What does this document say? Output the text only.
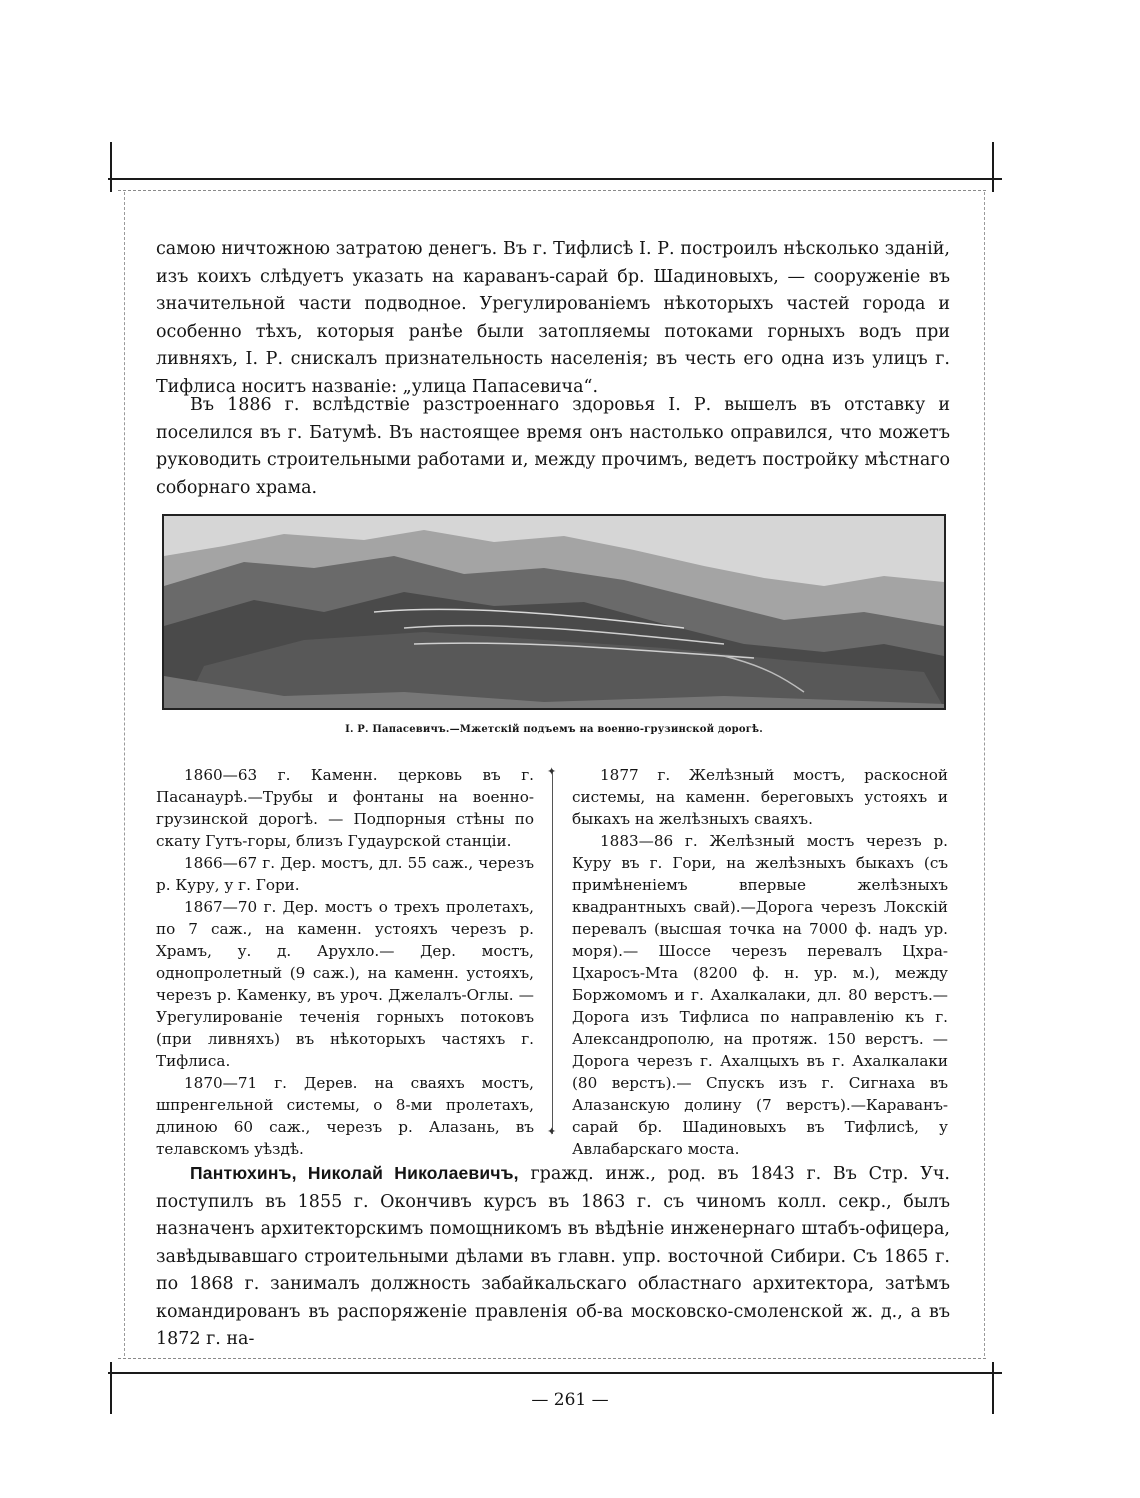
самою ничтожною затратою денегъ. Въ г. Тифлисѣ І. Р. построилъ нѣсколько зданій, изъ коихъ слѣдуетъ указать на караванъ-сарай бр. Шадиновыхъ, — сооруженіе въ значительной части подводное. Урегулированіемъ нѣкоторыхъ частей города и особенно тѣхъ, которыя ранѣе были затопляемы потоками горныхъ водъ при ливняхъ, І. Р. снискалъ признательность населенія; въ честь его одна изъ улицъ г. Тифлиса носитъ названіе: „улица Папасевича“.

Въ 1886 г. вслѣдствіе разстроеннаго здоровья І. Р. вышелъ въ отставку и поселился въ г. Батумѣ. Въ настоящее время онъ настолько оправился, что можетъ руководить строительными работами и, между прочимъ, ведетъ постройку мѣстнаго соборнаго храма.

І. Р. Папасевичъ.—Мжетскій подъемъ на военно-грузинской дорогѣ.

1860—63 г. Каменн. церковь въ г. Пасанаурѣ.—Трубы и фонтаны на военно-грузинской дорогѣ. — Подпорныя стѣны по скату Гутъ-горы, близъ Гудаурской станціи.

1866—67 г. Дер. мостъ, дл. 55 саж., черезъ р. Куру, у г. Гори.

1867—70 г. Дер. мостъ о трехъ пролетахъ, по 7 саж., на каменн. устояхъ черезъ р. Храмъ, у. д. Арухло.— Дер. мостъ, однопролетный (9 саж.), на каменн. устояхъ, черезъ р. Каменку, въ уроч. Джелалъ-Оглы. — Урегулированіе теченія горныхъ потоковъ (при ливняхъ) въ нѣкоторыхъ частяхъ г. Тифлиса.

1870—71 г. Дерев. на сваяхъ мостъ, шпренгельной системы, о 8-ми пролетахъ, длиною 60 саж., черезъ р. Алазань, въ телавскомъ уѣздѣ.

✦
✦

1877 г. Желѣзный мостъ, раскосной системы, на каменн. береговыхъ устояхъ и быкахъ на желѣзныхъ сваяхъ.

1883—86 г. Желѣзный мостъ черезъ р. Куру въ г. Гори, на желѣзныхъ быкахъ (съ примѣненіемъ впервые желѣзныхъ квадрантныхъ свай).—Дорога черезъ Локскій перевалъ (высшая точка на 7000 ф. надъ ур. моря).— Шоссе черезъ перевалъ Цхра-Цхаросъ-Мта (8200 ф. н. ур. м.), между Боржомомъ и г. Ахалкалаки, дл. 80 верстъ.—Дорога изъ Тифлиса по направленію къ г. Александрополю, на протяж. 150 верстъ. — Дорога черезъ г. Ахалцыхъ въ г. Ахалкалаки (80 верстъ).— Спускъ изъ г. Сигнаха въ Алазанскую долину (7 верстъ).—Караванъ-сарай бр. Шадиновыхъ въ Тифлисѣ, у Авлабарскаго моста.

Пантюхинъ, Николай Николаевичъ, гражд. инж., род. въ 1843 г. Въ Стр. Уч. поступилъ въ 1855 г. Окончивъ курсъ въ 1863 г. съ чиномъ колл. секр., былъ назначенъ архитекторскимъ помощникомъ въ вѣдѣніе инженернаго штабъ-офицера, завѣдывавшаго строительными дѣлами въ главн. упр. восточной Сибири. Съ 1865 г. по 1868 г. занималъ должность забайкальскаго областнаго архитектора, затѣмъ командированъ въ распоряженіе правленія об-ва московско-смоленской ж. д., а въ 1872 г. на-

— 261 —
